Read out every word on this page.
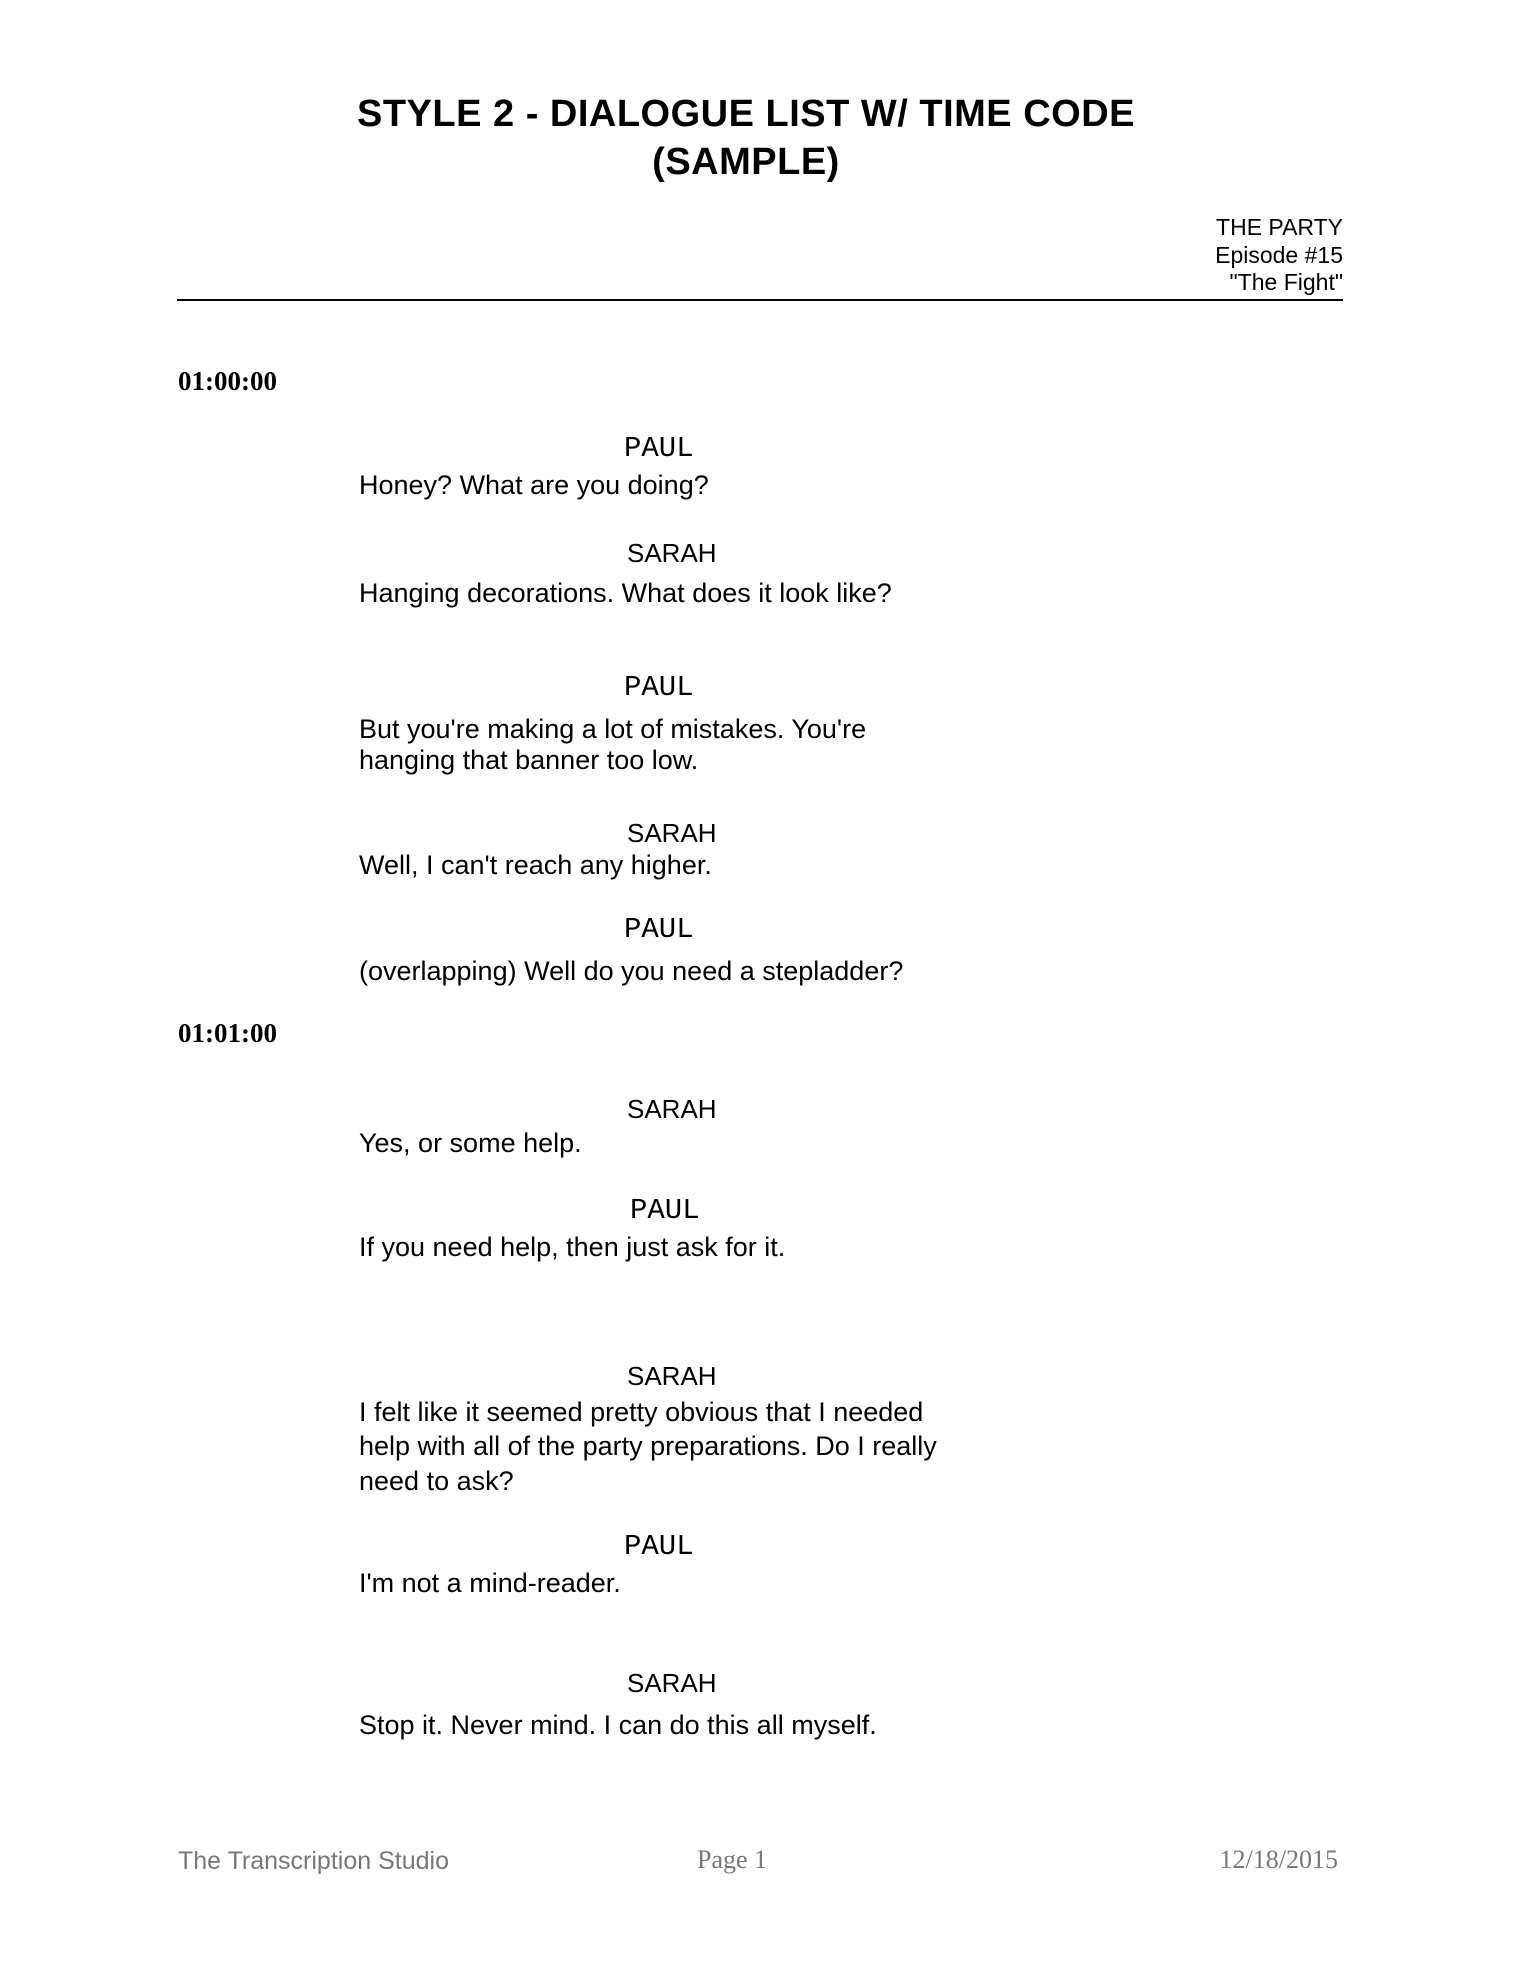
STYLE 2 - DIALOGUE LIST W/ TIME CODE
(SAMPLE)
THE PARTY
Episode #15
"The Fight"
01:00:00
PAUL
Honey? What are you doing?
SARAH
Hanging decorations. What does it look like?
PAUL
But you're making a lot of mistakes. You're
hanging that banner too low.
SARAH
Well, I can't reach any higher.
PAUL
(overlapping) Well do you need a stepladder?
01:01:00
SARAH
Yes, or some help.
PAUL
If you need help, then just ask for it.
SARAH
I felt like it seemed pretty obvious that I needed
help with all of the party preparations. Do I really
need to ask?
PAUL
I'm not a mind-reader.
SARAH
Stop it. Never mind. I can do this all myself.
The Transcription Studio	Page 1	12/18/2015
